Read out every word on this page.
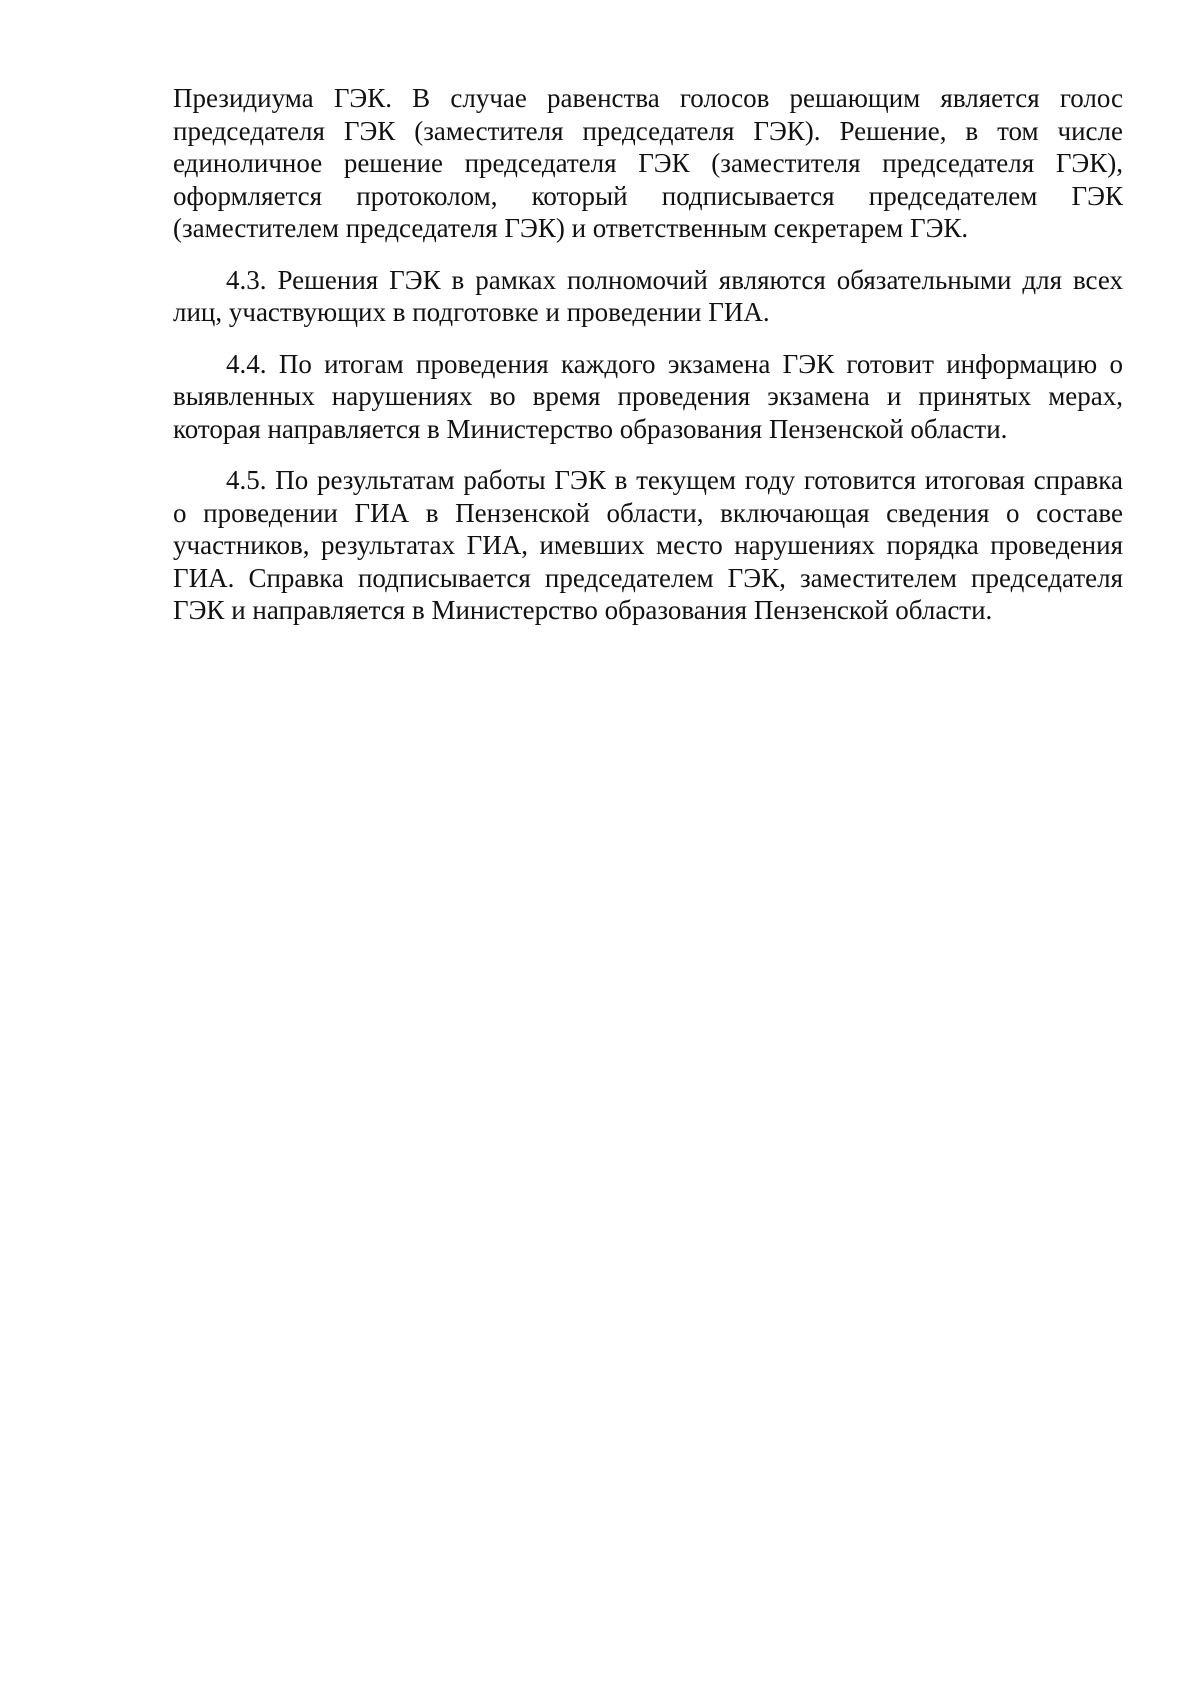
Президиума ГЭК. В случае равенства голосов решающим является голос председателя ГЭК (заместителя председателя ГЭК). Решение, в том числе единоличное решение председателя ГЭК (заместителя председателя ГЭК), оформляется протоколом, который подписывается председателем ГЭК (заместителем председателя ГЭК) и ответственным секретарем ГЭК.

4.3. Решения ГЭК в рамках полномочий являются обязательными для всех лиц, участвующих в подготовке и проведении ГИА.

4.4. По итогам проведения каждого экзамена ГЭК готовит информацию о выявленных нарушениях во время проведения экзамена и принятых мерах, которая направляется в Министерство образования Пензенской области.

4.5. По результатам работы ГЭК в текущем году готовится итоговая справка о проведении ГИА в Пензенской области, включающая сведения о составе участников, результатах ГИА, имевших место нарушениях порядка проведения ГИА. Справка подписывается председателем ГЭК, заместителем председателя ГЭК и направляется в Министерство образования Пензенской области.
